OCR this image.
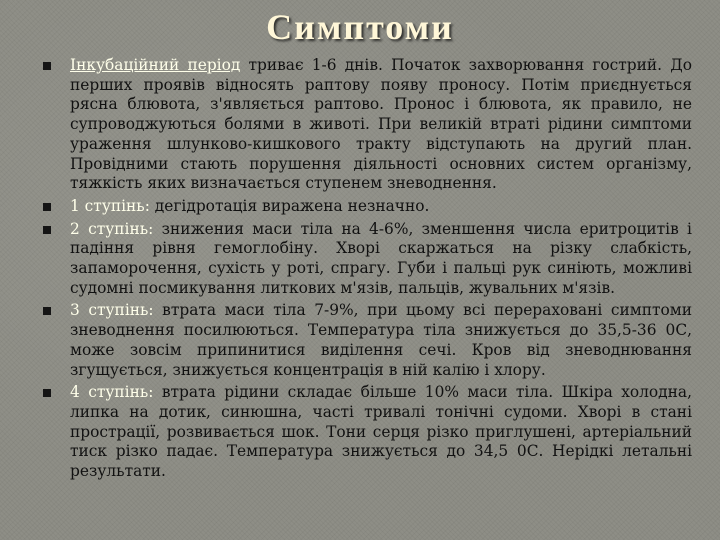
Симптоми
Інкубаційний період триває 1-6 днів. Початок захворювання гострий. До перших проявів відносять раптову появу проносу. Потім приєднується рясна блювота, з'являється раптово. Пронос і блювота, як правило, не супроводжуються болями в животі. При великій втраті рідини симптоми ураження шлунково-кишкового тракту відступають на другий план. Провідними стають порушення діяльності основних систем організму, тяжкість яких визначається ступенем зневоднення.
1 ступінь: дегідротація виражена незначно.
2 ступінь: знижения маси тіла на 4-6%, зменшення числа еритроцитів і падіння рівня гемоглобіну. Хворі скаржаться на різку слабкість, запаморочення, сухість у роті, спрагу. Губи і пальці рук синіють, можливі судомні посмикування литкових м'язів, пальців, жувальних м'язів.
3 ступінь: втрата маси тіла 7-9%, при цьому всі перераховані симптоми зневоднення посилюються. Температура тіла знижується до 35,5-36 0С, може зовсім припинитися виділення сечі. Кров від зневоднювання згущується, знижується концентрація в ній калію і хлору.
4 ступінь: втрата рідини складає більше 10% маси тіла. Шкіра холодна, липка на дотик, синюшна, часті тривалі тонічні судоми. Хворі в стані прострації, розвивається шок. Тони серця різко приглушені, артеріальний тиск різко падає. Температура знижується до 34,5 0С. Нерідкі летальні результати.
